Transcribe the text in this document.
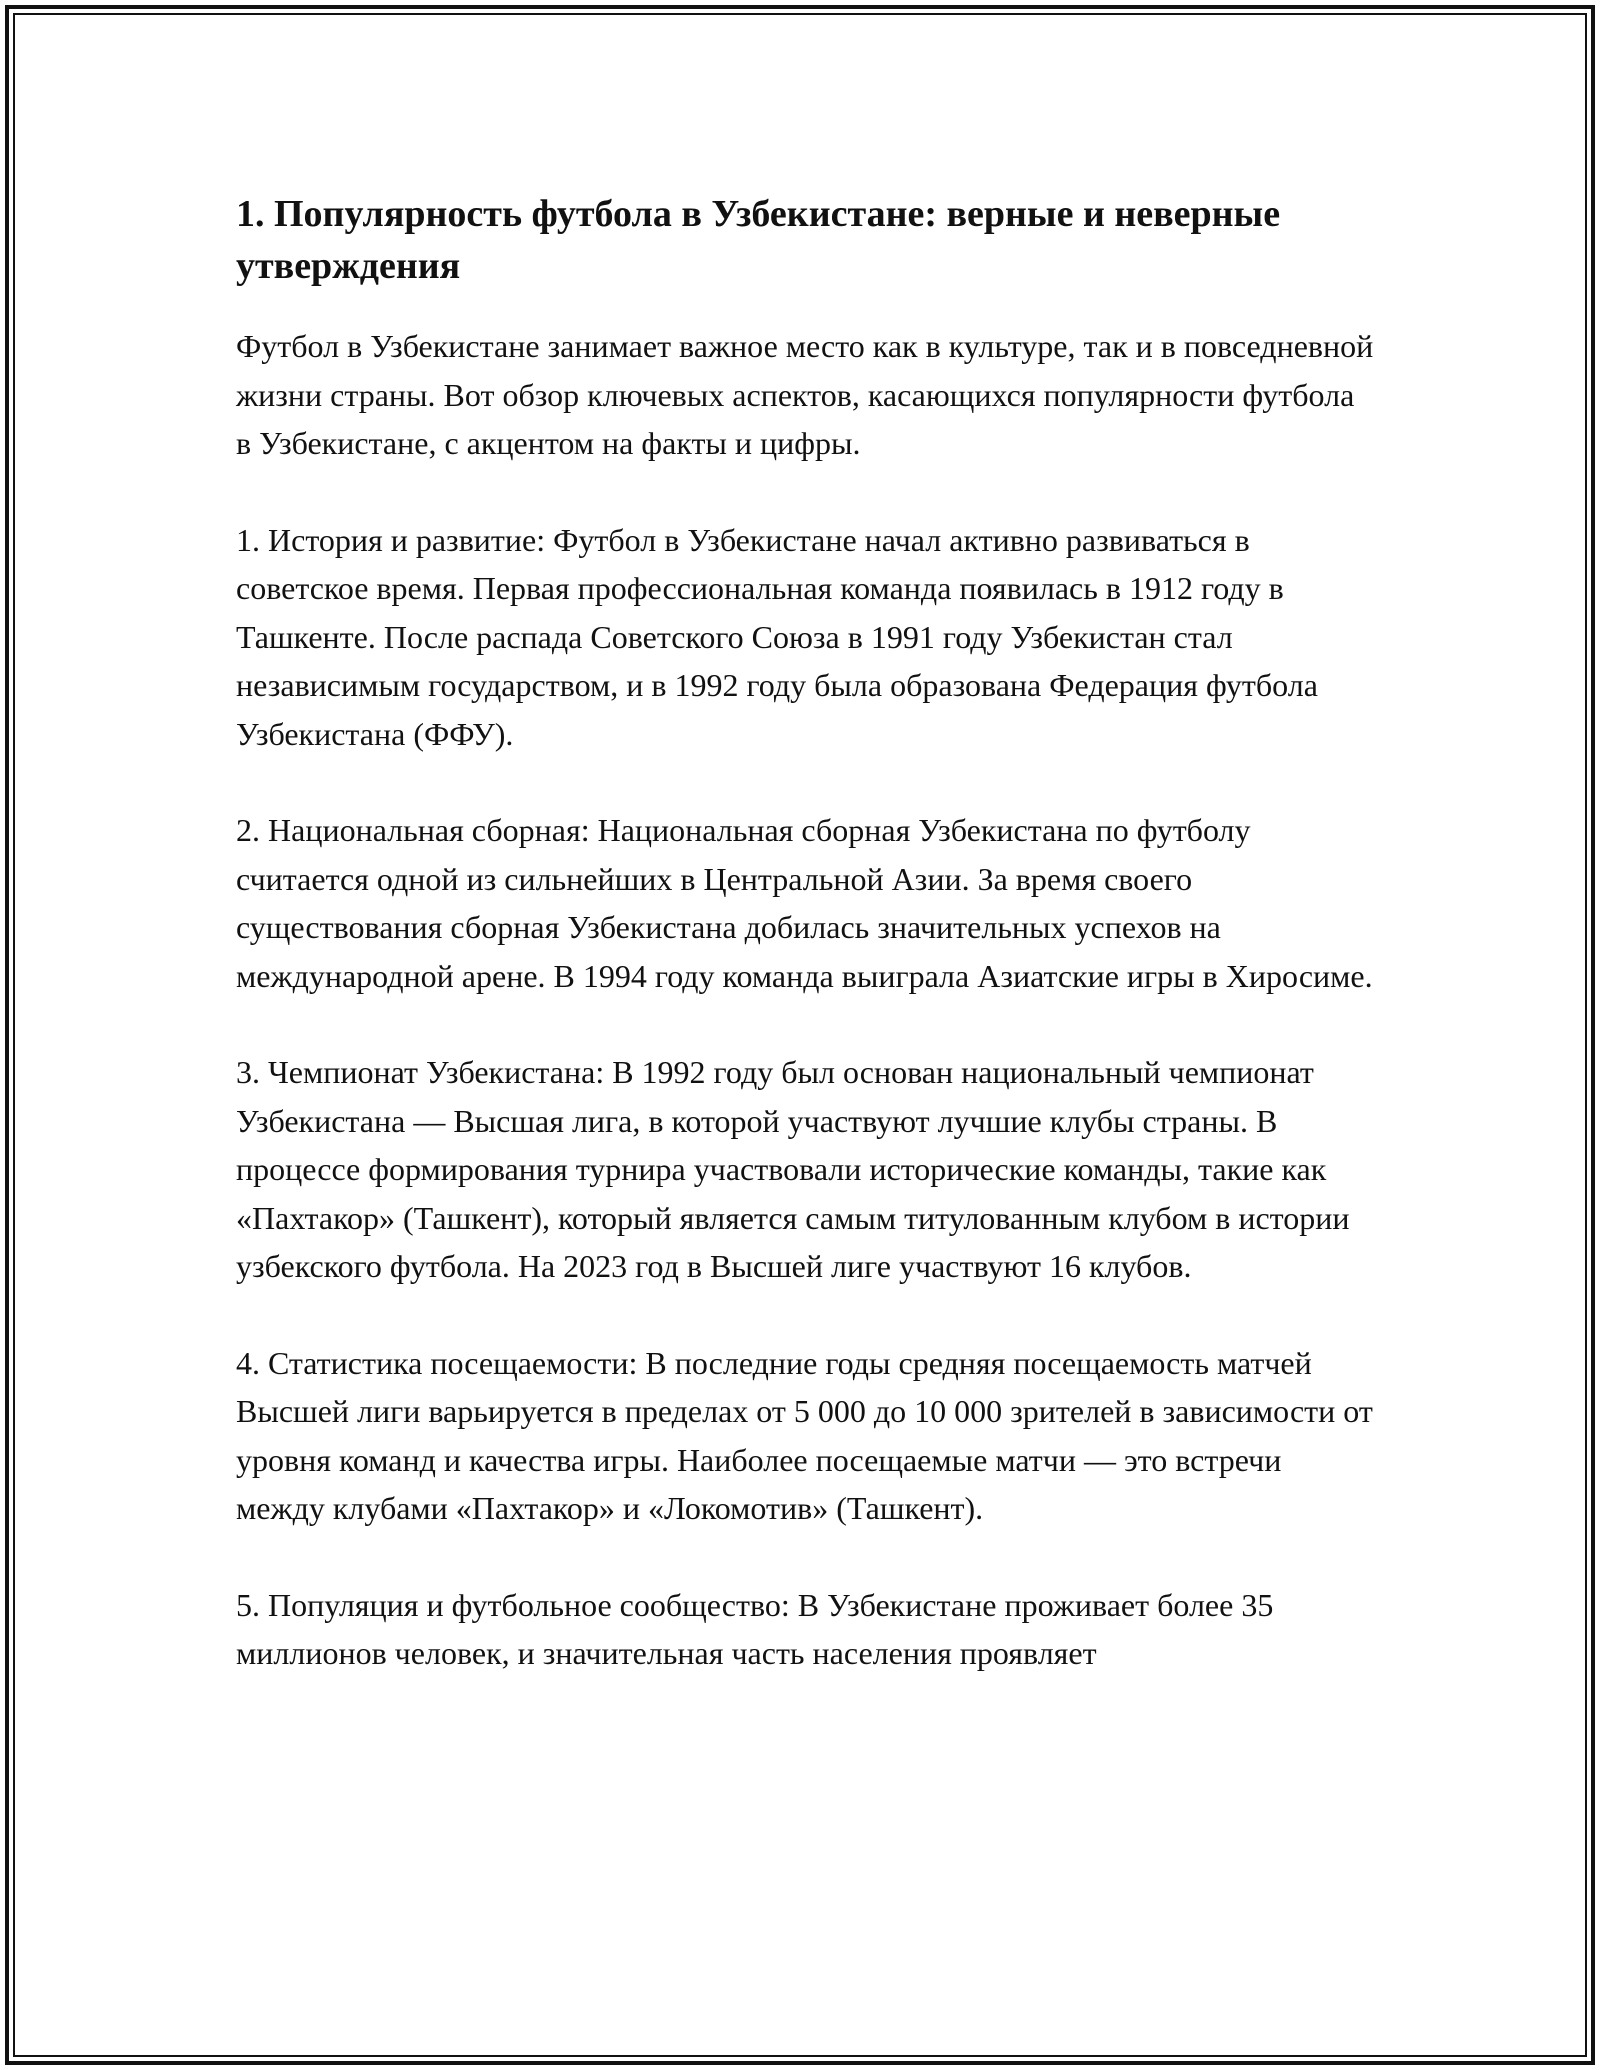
1. Популярность футбола в Узбекистане: верные и неверные утверждения

Футбол в Узбекистане занимает важное место как в культуре, так и в повседневной жизни страны. Вот обзор ключевых аспектов, касающихся популярности футбола в Узбекистане, с акцентом на факты и цифры.

1. История и развитие: Футбол в Узбекистане начал активно развиваться в советское время. Первая профессиональная команда появилась в 1912 году в Ташкенте. После распада Советского Союза в 1991 году Узбекистан стал независимым государством, и в 1992 году была образована Федерация футбола Узбекистана (ФФУ).

2. Национальная сборная: Национальная сборная Узбекистана по футболу считается одной из сильнейших в Центральной Азии. За время своего существования сборная Узбекистана добилась значительных успехов на международной арене. В 1994 году команда выиграла Азиатские игры в Хиросиме.

3. Чемпионат Узбекистана: В 1992 году был основан национальный чемпионат Узбекистана — Высшая лига, в которой участвуют лучшие клубы страны. В процессе формирования турнира участвовали исторические команды, такие как «Пахтакор» (Ташкент), который является самым титулованным клубом в истории узбекского футбола. На 2023 год в Высшей лиге участвуют 16 клубов.

4. Статистика посещаемости: В последние годы средняя посещаемость матчей Высшей лиги варьируется в пределах от 5 000 до 10 000 зрителей в зависимости от уровня команд и качества игры. Наиболее посещаемые матчи — это встречи между клубами «Пахтакор» и «Локомотив» (Ташкент).

5. Популяция и футбольное сообщество: В Узбекистане проживает более 35 миллионов человек, и значительная часть населения проявляет
